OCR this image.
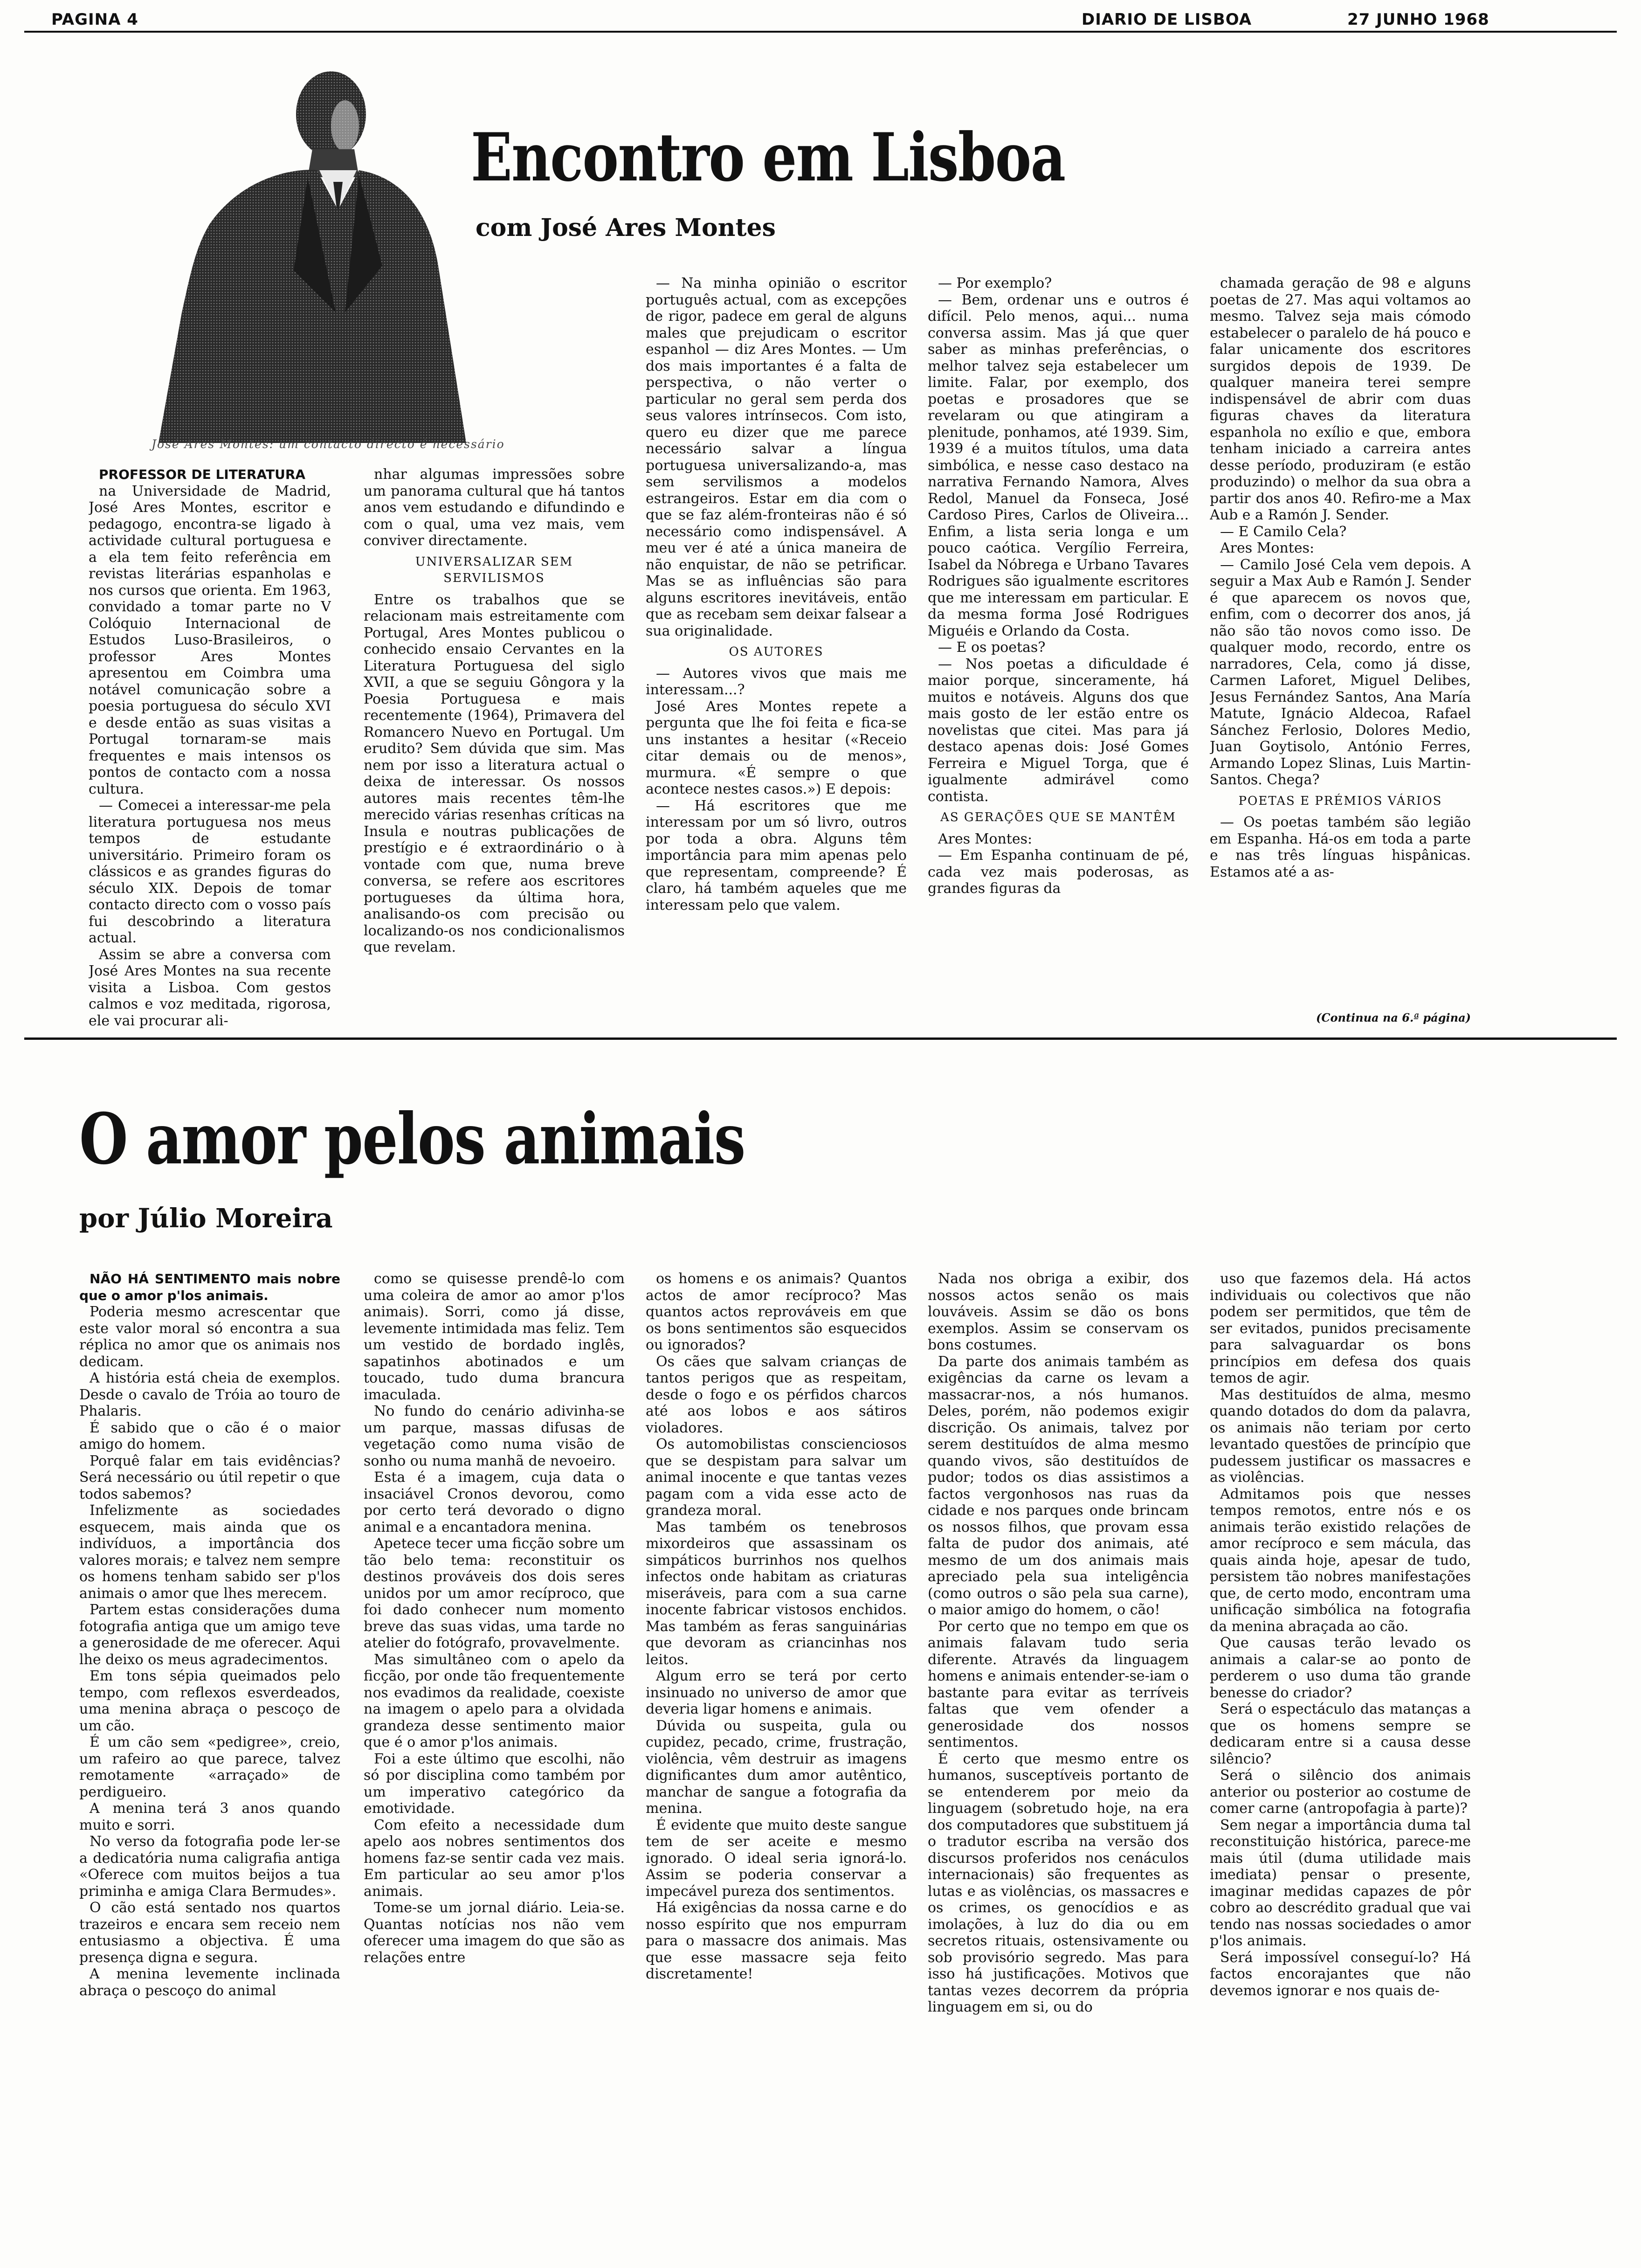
PAGINA 4	DIARIO DE LISBOA	27 JUNHO 1968
José Ares Montes: um contacto directo é necessário
Encontro em Lisboa
com José Ares Montes

PROFESSOR DE LITERATURA

na Universidade de Madrid, José Ares Montes, escritor e pedagogo, encontra-se ligado à actividade cultural portuguesa e a ela tem feito referência em revistas literárias espanholas e nos cursos que orienta. Em 1963, convidado a tomar parte no V Colóquio Internacional de Estudos Luso-Brasileiros, o professor Ares Montes apresentou em Coimbra uma notável comunicação sobre a poesia portuguesa do século XVI e desde então as suas visitas a Portugal tornaram-se mais frequentes e mais intensos os pontos de contacto com a nossa cultura.

— Comecei a interessar-me pela literatura portuguesa nos meus tempos de estudante universitário. Primeiro foram os clássicos e as grandes figuras do século XIX. Depois de tomar contacto directo com o vosso país fui descobrindo a literatura actual.

Assim se abre a conversa com José Ares Montes na sua recente visita a Lisboa. Com gestos calmos e voz meditada, rigorosa, ele vai procurar ali-

nhar algumas impressões sobre um panorama cultural que há tantos anos vem estudando e difundindo e com o qual, uma vez mais, vem conviver directamente.

UNIVERSALIZAR SEM SERVILISMOS

Entre os trabalhos que se relacionam mais estreitamente com Portugal, Ares Montes publicou o conhecido ensaio Cervantes en la Literatura Portuguesa del siglo XVII, a que se seguiu Gôngora y la Poesia Portuguesa e mais recentemente (1964), Primavera del Romancero Nuevo en Portugal. Um erudito? Sem dúvida que sim. Mas nem por isso a literatura actual o deixa de interessar. Os nossos autores mais recentes têm-lhe merecido várias resenhas críticas na Insula e noutras publicações de prestígio e é extraordinário o à vontade com que, numa breve conversa, se refere aos escritores portugueses da última hora, analisando-os com precisão ou localizando-os nos condicionalismos que revelam.

— Na minha opinião o escritor português actual, com as excepções de rigor, padece em geral de alguns males que prejudicam o escritor espanhol — diz Ares Montes. — Um dos mais importantes é a falta de perspectiva, o não verter o particular no geral sem perda dos seus valores intrínsecos. Com isto, quero eu dizer que me parece necessário salvar a língua portuguesa universalizando-a, mas sem servilismos a modelos estrangeiros. Estar em dia com o que se faz além-fronteiras não é só necessário como indispensável. A meu ver é até a única maneira de não enquistar, de não se petrificar. Mas se as influências são para alguns escritores inevitáveis, então que as recebam sem deixar falsear a sua originalidade.

OS AUTORES

— Autores vivos que mais me interessam...?

José Ares Montes repete a pergunta que lhe foi feita e fica-se uns instantes a hesitar («Receio citar demais ou de menos», murmura. «É sempre o que acontece nestes casos.») E depois:

— Há escritores que me interessam por um só livro, outros por toda a obra. Alguns têm importância para mim apenas pelo que representam, compreende? É claro, há também aqueles que me interessam pelo que valem.

— Por exemplo?

— Bem, ordenar uns e outros é difícil. Pelo menos, aqui... numa conversa assim. Mas já que quer saber as minhas preferências, o melhor talvez seja estabelecer um limite. Falar, por exemplo, dos poetas e prosadores que se revelaram ou que atingiram a plenitude, ponhamos, até 1939. Sim, 1939 é a muitos títulos, uma data simbólica, e nesse caso destaco na narrativa Fernando Namora, Alves Redol, Manuel da Fonseca, José Cardoso Pires, Carlos de Oliveira... Enfim, a lista seria longa e um pouco caótica. Vergílio Ferreira, Isabel da Nóbrega e Urbano Tavares Rodrigues são igualmente escritores que me interessam em particular. E da mesma forma José Rodrigues Miguéis e Orlando da Costa.

— E os poetas?

— Nos poetas a dificuldade é maior porque, sinceramente, há muitos e notáveis. Alguns dos que mais gosto de ler estão entre os novelistas que citei. Mas para já destaco apenas dois: José Gomes Ferreira e Miguel Torga, que é igualmente admirável como contista.

AS GERAÇÕES QUE SE MANTÊM

Ares Montes:

— Em Espanha continuam de pé, cada vez mais poderosas, as grandes figuras da

chamada geração de 98 e alguns poetas de 27. Mas aqui voltamos ao mesmo. Talvez seja mais cómodo estabelecer o paralelo de há pouco e falar unicamente dos escritores surgidos depois de 1939. De qualquer maneira terei sempre indispensável de abrir com duas figuras chaves da literatura espanhola no exílio e que, embora tenham iniciado a carreira antes desse período, produziram (e estão produzindo) o melhor da sua obra a partir dos anos 40. Refiro-me a Max Aub e a Ramón J. Sender.

— E Camilo Cela?

Ares Montes:

— Camilo José Cela vem depois. A seguir a Max Aub e Ramón J. Sender é que aparecem os novos que, enfim, com o decorrer dos anos, já não são tão novos como isso. De qualquer modo, recordo, entre os narradores, Cela, como já disse, Carmen Laforet, Miguel Delibes, Jesus Fernández Santos, Ana María Matute, Ignácio Aldecoa, Rafael Sánchez Ferlosio, Dolores Medio, Juan Goytisolo, António Ferres, Armando Lopez Slinas, Luis Martin-Santos. Chega?

POETAS E PRÉMIOS VÁRIOS

— Os poetas também são legião em Espanha. Há-os em toda a parte e nas três línguas hispânicas. Estamos até a as-

(Continua na 6.ª página)

O amor pelos animais
por Júlio Moreira

NÃO HÁ SENTIMENTO mais nobre que o amor p'los animais.

Poderia mesmo acrescentar que este valor moral só encontra a sua réplica no amor que os animais nos dedicam.

A história está cheia de exemplos. Desde o cavalo de Tróia ao touro de Phalaris.

É sabido que o cão é o maior amigo do homem.

Porquê falar em tais evidências? Será necessário ou útil repetir o que todos sabemos?

Infelizmente as sociedades esquecem, mais ainda que os indivíduos, a importância dos valores morais; e talvez nem sempre os homens tenham sabido ser p'los animais o amor que lhes merecem.

Partem estas considerações duma fotografia antiga que um amigo teve a generosidade de me oferecer. Aqui lhe deixo os meus agradecimentos.

Em tons sépia queimados pelo tempo, com reflexos esverdeados, uma menina abraça o pescoço de um cão.

É um cão sem «pedigree», creio, um rafeiro ao que parece, talvez remotamente «arraçado» de perdigueiro.

A menina terá 3 anos quando muito e sorri.

No verso da fotografia pode ler-se a dedicatória numa caligrafia antiga «Oferece com muitos beijos a tua priminha e amiga Clara Bermudes».

O cão está sentado nos quartos trazeiros e encara sem receio nem entusiasmo a objectiva. É uma presença digna e segura.

A menina levemente inclinada abraça o pescoço do animal

como se quisesse prendê-lo com uma coleira de amor ao amor p'los animais). Sorri, como já disse, levemente intimidada mas feliz. Tem um vestido de bordado inglês, sapatinhos abotinados e um toucado, tudo duma brancura imaculada.

No fundo do cenário adivinha-se um parque, massas difusas de vegetação como numa visão de sonho ou numa manhã de nevoeiro.

Esta é a imagem, cuja data o insaciável Cronos devorou, como por certo terá devorado o digno animal e a encantadora menina.

Apetece tecer uma ficção sobre um tão belo tema: reconstituir os destinos prováveis dos dois seres unidos por um amor recíproco, que foi dado conhecer num momento breve das suas vidas, uma tarde no atelier do fotógrafo, provavelmente.

Mas simultâneo com o apelo da ficção, por onde tão frequentemente nos evadimos da realidade, coexiste na imagem o apelo para a olvidada grandeza desse sentimento maior que é o amor p'los animais.

Foi a este último que escolhi, não só por disciplina como também por um imperativo categórico da emotividade.

Com efeito a necessidade dum apelo aos nobres sentimentos dos homens faz-se sentir cada vez mais. Em particular ao seu amor p'los animais.

Tome-se um jornal diário. Leia-se. Quantas notícias nos não vem oferecer uma imagem do que são as relações entre

os homens e os animais? Quantos actos de amor recíproco? Mas quantos actos reprováveis em que os bons sentimentos são esquecidos ou ignorados?

Os cães que salvam crianças de tantos perigos que as respeitam, desde o fogo e os pérfidos charcos até aos lobos e aos sátiros violadores.

Os automobilistas conscienciosos que se despistam para salvar um animal inocente e que tantas vezes pagam com a vida esse acto de grandeza moral.

Mas também os tenebrosos mixordeiros que assassinam os simpáticos burrinhos nos quelhos infectos onde habitam as criaturas miseráveis, para com a sua carne inocente fabricar vistosos enchidos. Mas também as feras sanguinárias que devoram as criancinhas nos leitos.

Algum erro se terá por certo insinuado no universo de amor que deveria ligar homens e animais.

Dúvida ou suspeita, gula ou cupidez, pecado, crime, frustração, violência, vêm destruir as imagens dignificantes dum amor autêntico, manchar de sangue a fotografia da menina.

É evidente que muito deste sangue tem de ser aceite e mesmo ignorado. O ideal seria ignorá-lo. Assim se poderia conservar a impecável pureza dos sentimentos.

Há exigências da nossa carne e do nosso espírito que nos empurram para o massacre dos animais. Mas que esse massacre seja feito discretamente!

Nada nos obriga a exibir, dos nossos actos senão os mais louváveis. Assim se dão os bons exemplos. Assim se conservam os bons costumes.

Da parte dos animais também as exigências da carne os levam a massacrar-nos, a nós humanos. Deles, porém, não podemos exigir discrição. Os animais, talvez por serem destituídos de alma mesmo quando vivos, são destituídos de pudor; todos os dias assistimos a factos vergonhosos nas ruas da cidade e nos parques onde brincam os nossos filhos, que provam essa falta de pudor dos animais, até mesmo de um dos animais mais apreciado pela sua inteligência (como outros o são pela sua carne), o maior amigo do homem, o cão!

Por certo que no tempo em que os animais falavam tudo seria diferente. Através da linguagem homens e animais entender-se-iam o bastante para evitar as terríveis faltas que vem ofender a generosidade dos nossos sentimentos.

É certo que mesmo entre os humanos, susceptíveis portanto de se entenderem por meio da linguagem (sobretudo hoje, na era dos computadores que substituem já o tradutor escriba na versão dos discursos proferidos nos cenáculos internacionais) são frequentes as lutas e as violências, os massacres e os crimes, os genocídios e as imolações, à luz do dia ou em secretos rituais, ostensivamente ou sob provisório segredo. Mas para isso há justificações. Motivos que tantas vezes decorrem da própria linguagem em si, ou do

uso que fazemos dela. Há actos individuais ou colectivos que não podem ser permitidos, que têm de ser evitados, punidos precisamente para salvaguardar os bons princípios em defesa dos quais temos de agir.

Mas destituídos de alma, mesmo quando dotados do dom da palavra, os animais não teriam por certo levantado questões de princípio que pudessem justificar os massacres e as violências.

Admitamos pois que nesses tempos remotos, entre nós e os animais terão existido relações de amor recíproco e sem mácula, das quais ainda hoje, apesar de tudo, persistem tão nobres manifestações que, de certo modo, encontram uma unificação simbólica na fotografia da menina abraçada ao cão.

Que causas terão levado os animais a calar-se ao ponto de perderem o uso duma tão grande benesse do criador?

Será o espectáculo das matanças a que os homens sempre se dedicaram entre si a causa desse silêncio?

Será o silêncio dos animais anterior ou posterior ao costume de comer carne (antropofagia à parte)?

Sem negar a importância duma tal reconstituição histórica, parece-me mais útil (duma utilidade mais imediata) pensar o presente, imaginar medidas capazes de pôr cobro ao descrédito gradual que vai tendo nas nossas sociedades o amor p'los animais.

Será impossível conseguí-lo? Há factos encorajantes que não devemos ignorar e nos quais de-
